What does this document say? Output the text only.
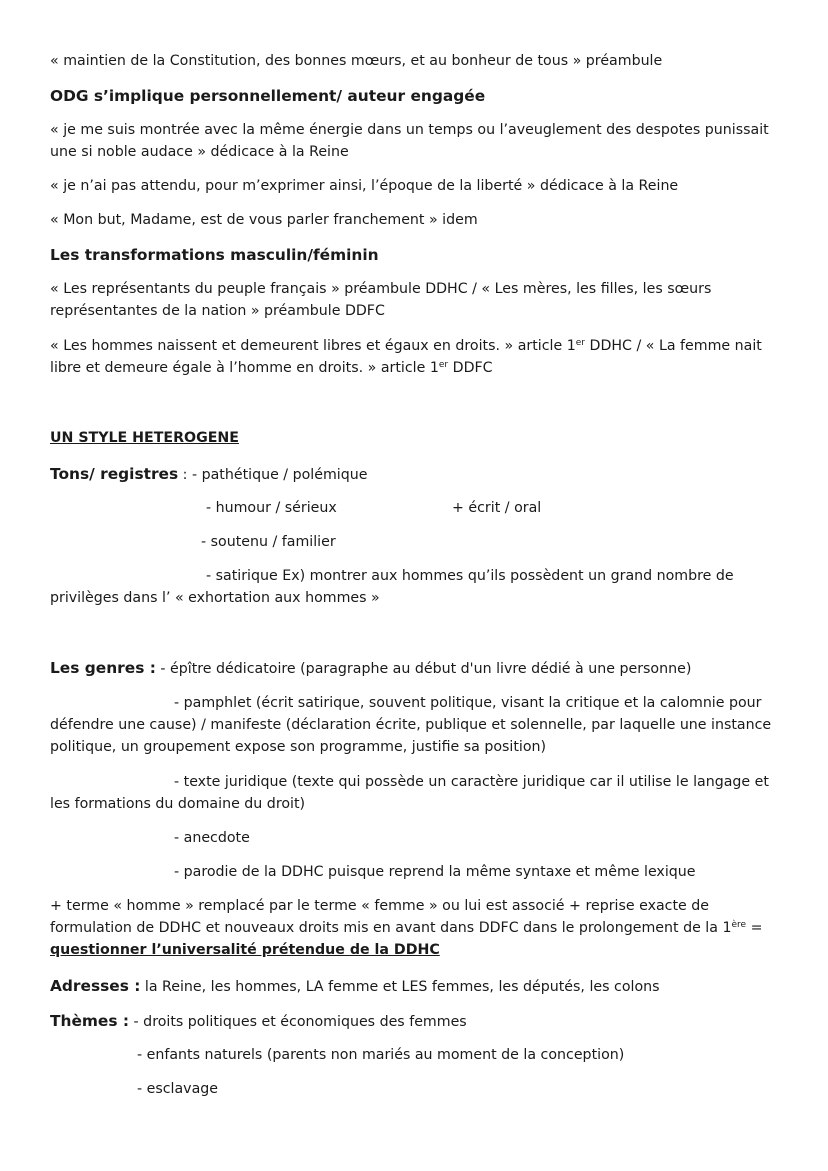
« maintien de la Constitution, des bonnes mœurs, et au bonheur de tous » préambule
ODG s’implique personnellement/ auteur engagée
« je me suis montrée avec la même énergie dans un temps ou l’aveuglement des despotes punissait
une si noble audace » dédicace à la Reine
« je n’ai pas attendu, pour m’exprimer ainsi, l’époque de la liberté » dédicace à la Reine
« Mon but, Madame, est de vous parler franchement » idem
Les transformations masculin/féminin
« Les représentants du peuple français » préambule DDHC / « Les mères, les filles, les sœurs
représentantes de la nation » préambule DDFC
« Les hommes naissent et demeurent libres et égaux en droits. » article 1er DDHC / « La femme nait
libre et demeure égale à l’homme en droits. » article 1er DDFC
UN STYLE HETEROGENE
Tons/ registres : - pathétique / polémique
- humour / sérieux	+ écrit / oral
- soutenu / familier
- satirique Ex) montrer aux hommes qu’ils possèdent un grand nombre de
privilèges dans l’ « exhortation aux hommes »
Les genres : - épître dédicatoire (paragraphe au début d'un livre dédié à une personne)
- pamphlet (écrit satirique, souvent politique, visant la critique et la calomnie pour
défendre une cause) / manifeste (déclaration écrite, publique et solennelle, par laquelle une instance
politique, un groupement expose son programme, justifie sa position)
- texte juridique (texte qui possède un caractère juridique car il utilise le langage et
les formations du domaine du droit)
- anecdote
- parodie de la DDHC puisque reprend la même syntaxe et même lexique
+ terme « homme » remplacé par le terme « femme » ou lui est associé + reprise exacte de
formulation de DDHC et nouveaux droits mis en avant dans DDFC dans le prolongement de la 1ère =
questionner l’universalité prétendue de la DDHC
Adresses : la Reine, les hommes, LA femme et LES femmes, les députés, les colons
Thèmes : - droits politiques et économiques des femmes
- enfants naturels (parents non mariés au moment de la conception)
- esclavage
